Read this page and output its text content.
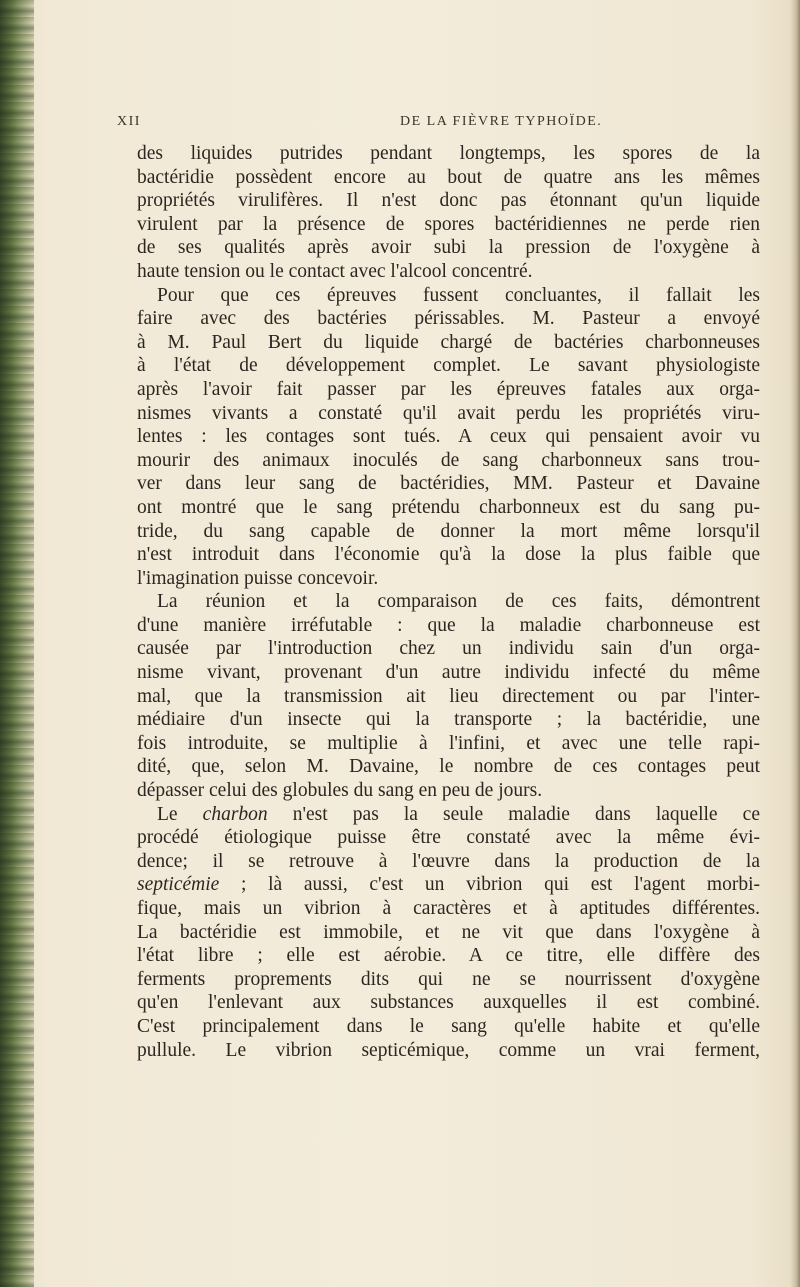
XII	DE LA FIÈVRE TYPHOÏDE.
des liquides putrides pendant longtemps, les spores de la
bactéridie possèdent encore au bout de quatre ans les mêmes
propriétés virulifères. Il n'est donc pas étonnant qu'un liquide
virulent par la présence de spores bactéridiennes ne perde rien
de ses qualités après avoir subi la pression de l'oxygène à
haute tension ou le contact avec l'alcool concentré.
Pour que ces épreuves fussent concluantes, il fallait les
faire avec des bactéries périssables. M. Pasteur a envoyé
à M. Paul Bert du liquide chargé de bactéries charbonneuses
à l'état de développement complet. Le savant physiologiste
après l'avoir fait passer par les épreuves fatales aux orga-
nismes vivants a constaté qu'il avait perdu les propriétés viru-
lentes : les contages sont tués. A ceux qui pensaient avoir vu
mourir des animaux inoculés de sang charbonneux sans trou-
ver dans leur sang de bactéridies, MM. Pasteur et Davaine
ont montré que le sang prétendu charbonneux est du sang pu-
tride, du sang capable de donner la mort même lorsqu'il
n'est introduit dans l'économie qu'à la dose la plus faible que
l'imagination puisse concevoir.
La réunion et la comparaison de ces faits, démontrent
d'une manière irréfutable : que la maladie charbonneuse est
causée par l'introduction chez un individu sain d'un orga-
nisme vivant, provenant d'un autre individu infecté du même
mal, que la transmission ait lieu directement ou par l'inter-
médiaire d'un insecte qui la transporte ; la bactéridie, une
fois introduite, se multiplie à l'infini, et avec une telle rapi-
dité, que, selon M. Davaine, le nombre de ces contages peut
dépasser celui des globules du sang en peu de jours.
Le charbon n'est pas la seule maladie dans laquelle ce
procédé étiologique puisse être constaté avec la même évi-
dence; il se retrouve à l'œuvre dans la production de la
septicémie ; là aussi, c'est un vibrion qui est l'agent morbi-
fique, mais un vibrion à caractères et à aptitudes différentes.
La bactéridie est immobile, et ne vit que dans l'oxygène à
l'état libre ; elle est aérobie. A ce titre, elle diffère des
ferments proprements dits qui ne se nourrissent d'oxygène
qu'en l'enlevant aux substances auxquelles il est combiné.
C'est principalement dans le sang qu'elle habite et qu'elle
pullule. Le vibrion septicémique, comme un vrai ferment,
